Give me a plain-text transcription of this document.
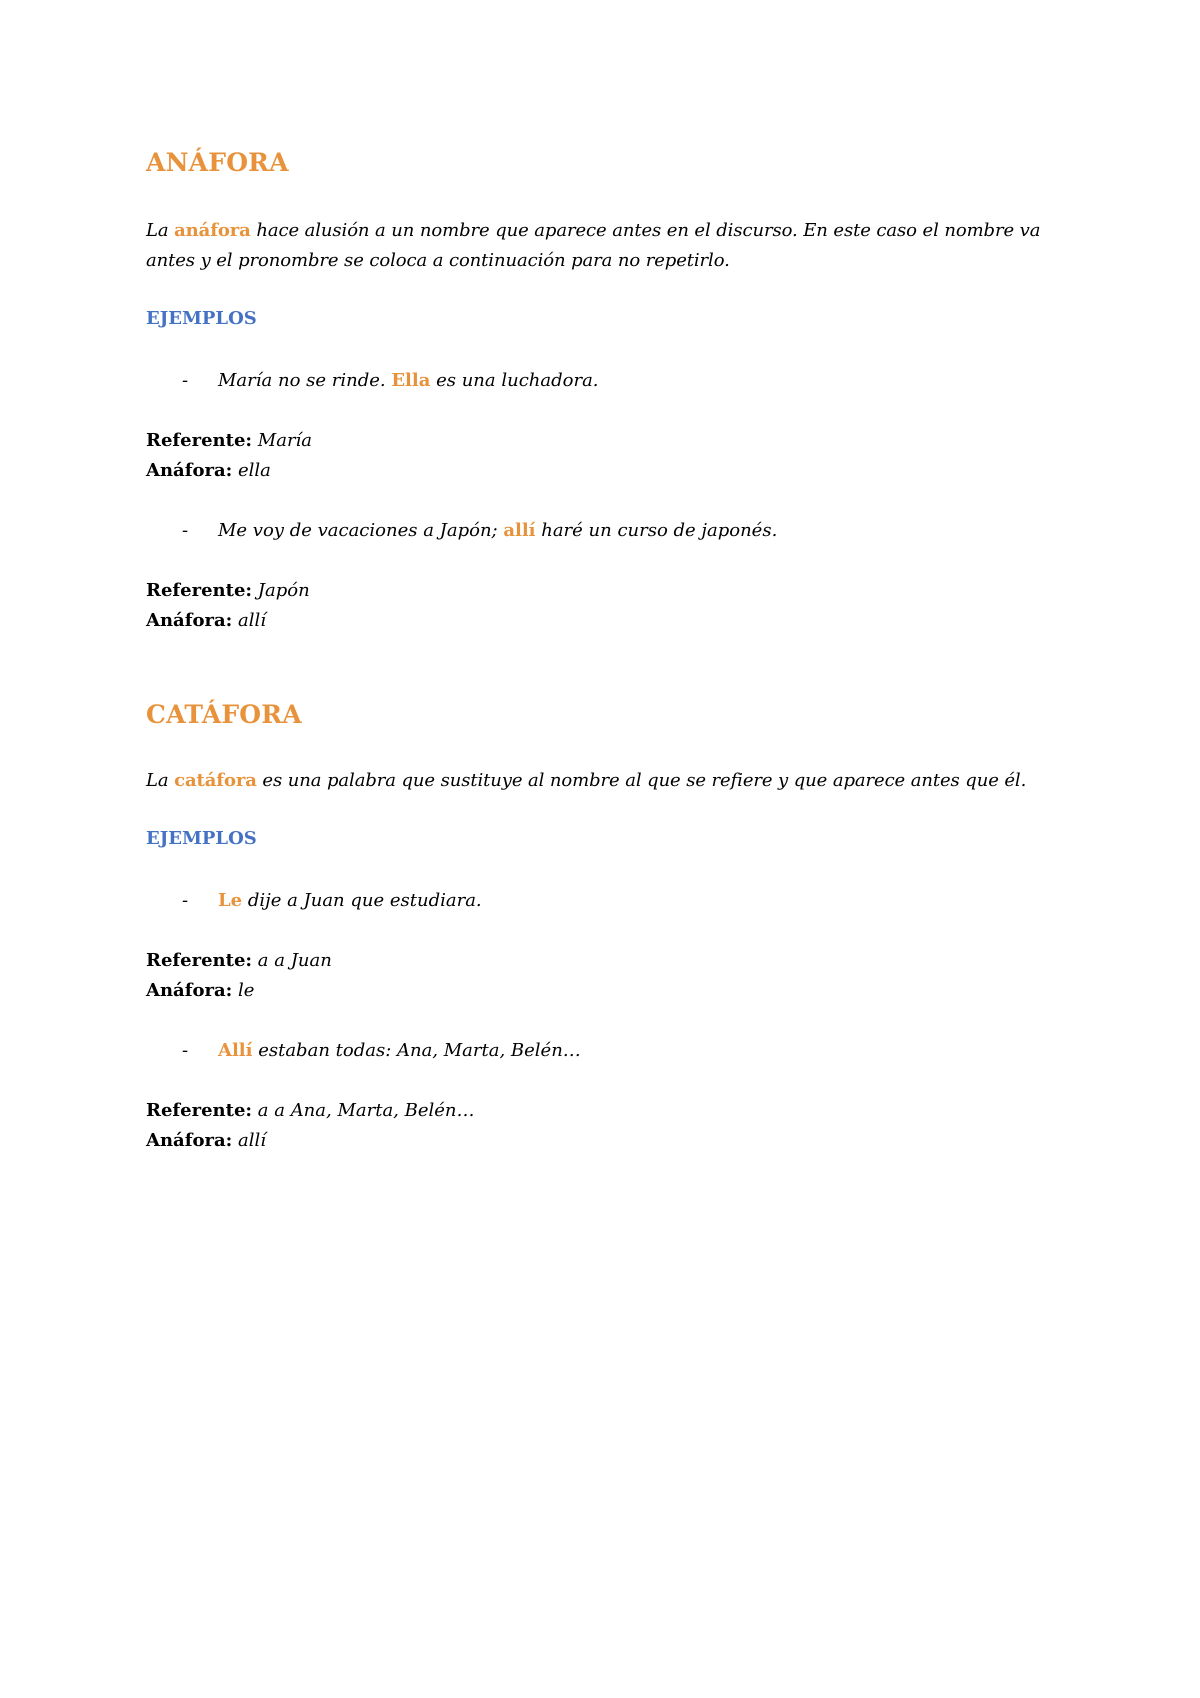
ANÁFORA
La anáfora hace alusión a un nombre que aparece antes en el discurso. En este caso el nombre va
antes y el pronombre se coloca a continuación para no repetirlo.
EJEMPLOS
- María no se rinde. Ella es una luchadora.
Referente: María
Anáfora: ella
- Me voy de vacaciones a Japón; allí haré un curso de japonés.
Referente: Japón
Anáfora: allí
CATÁFORA
La catáfora es una palabra que sustituye al nombre al que se refiere y que aparece antes que él.
EJEMPLOS
- Le dije a Juan que estudiara.
Referente: a a Juan
Anáfora: le
- Allí estaban todas: Ana, Marta, Belén…
Referente: a a Ana, Marta, Belén…
Anáfora: allí
